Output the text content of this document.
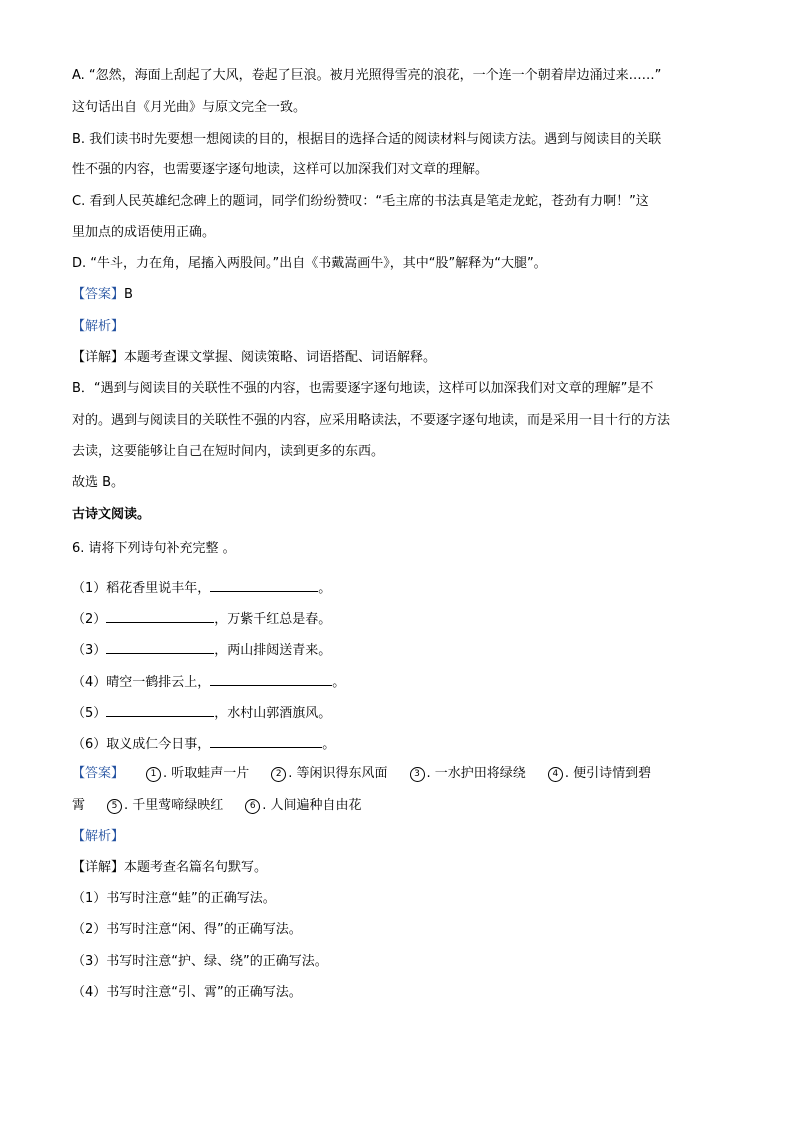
A. “忽然，海面上刮起了大风，卷起了巨浪。被月光照得雪亮的浪花，一个连一个朝着岸边涌过来……”
这句话出自《月光曲》与原文完全一致。
B. 我们读书时先要想一想阅读的目的，根据目的选择合适的阅读材料与阅读方法。遇到与阅读目的关联
性不强的内容，也需要逐字逐句地读，这样可以加深我们对文章的理解。
C. 看到人民英雄纪念碑上的题词，同学们纷纷赞叹：“毛主席的书法真是笔走龙蛇，苍劲有力啊！”这
里加点的成语使用正确。
D. “牛斗，力在角，尾搐入两股间。”出自《书戴嵩画牛》，其中“股”解释为“大腿”。
【答案】B
【解析】
【详解】本题考查课文掌握、阅读策略、词语搭配、词语解释。
B．“遇到与阅读目的关联性不强的内容，也需要逐字逐句地读，这样可以加深我们对文章的理解”是不
对的。遇到与阅读目的关联性不强的内容，应采用略读法，不要逐字逐句地读，而是采用一目十行的方法
去读，这要能够让自己在短时间内，读到更多的东西。
故选 B。
古诗文阅读。
6. 请将下列诗句补充完整 。
（1）稻花香里说丰年，	。
（2）	，万紫千红总是春。
（3）	，两山排闼送青来。
（4）晴空一鹤排云上，	。
（5）	，水村山郭酒旗风。
（6）取义成仁今日事，	。
【答案】	1 . 听取蛙声一片	2 . 等闲识得东风面	3 . 一水护田将绿绕	4 . 便引诗情到碧
霄	5 . 千里莺啼绿映红	6 . 人间遍种自由花
【解析】
【详解】本题考查名篇名句默写。
（1）书写时注意“蛙”的正确写法。
（2）书写时注意“闲、得”的正确写法。
（3）书写时注意“护、绿、绕”的正确写法。
（4）书写时注意“引、霄”的正确写法。
